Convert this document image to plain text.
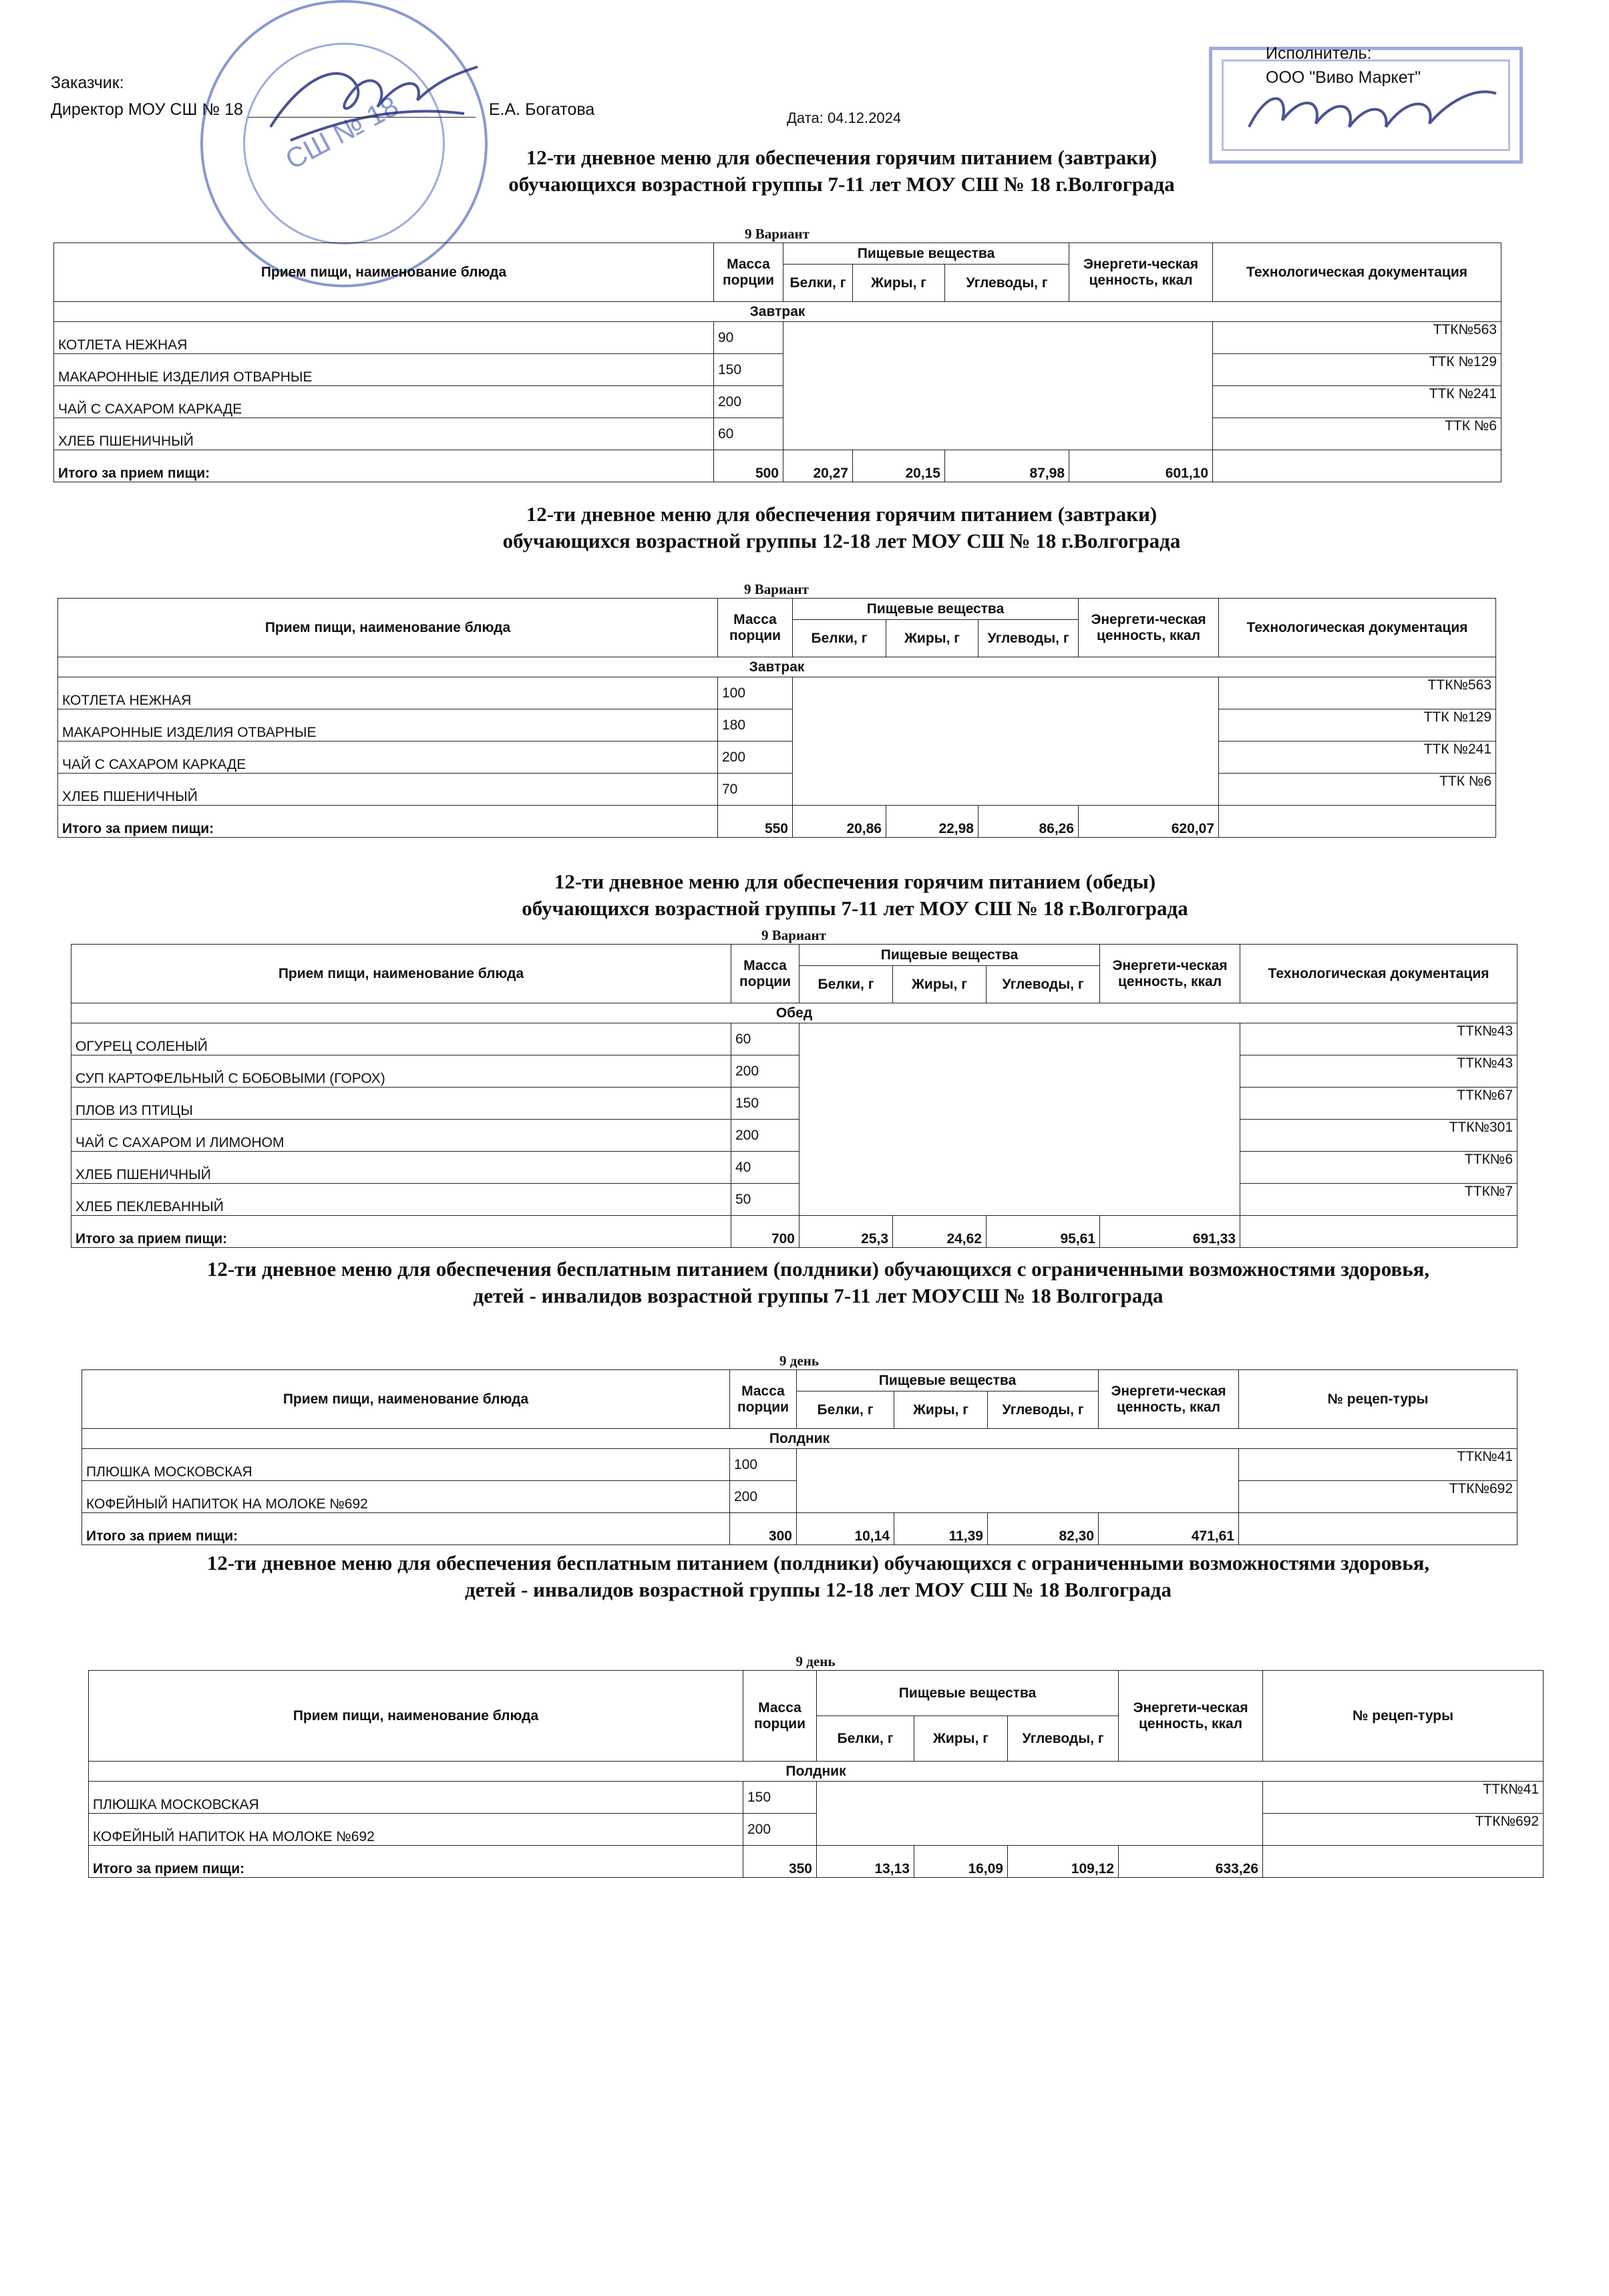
СШ № 18
Заказчик:
Директор МОУ СШ № 18	Е.А. Богатова
Исполнитель:
ООО "Виво Маркет"
Дата: 04.12.2024
12-ти дневное меню для обеспечения горячим питанием (завтраки)
обучающихся возрастной группы 7-11 лет МОУ СШ № 18 г.Волгограда
9 Вариант
Прием пищи, наименование блюда	Масса порции	Пищевые вещества			Энергети-ческая ценность, ккал	Технологическая документация
		Белки, г	Жиры, г	Углеводы, г		
Завтрак						
КОТЛЕТА НЕЖНАЯ	90					ТТК№563
МАКАРОННЫЕ ИЗДЕЛИЯ ОТВАРНЫЕ	150					ТТК №129
ЧАЙ С САХАРОМ КАРКАДЕ	200					ТТК №241
ХЛЕБ ПШЕНИЧНЫЙ	60					ТТК №6
Итого за прием пищи:	500	20,27	20,15	87,98	601,10	
12-ти дневное меню для обеспечения горячим питанием (завтраки)
обучающихся возрастной группы 12-18 лет МОУ СШ № 18 г.Волгограда
9 Вариант
Прием пищи, наименование блюда	Масса порции	Пищевые вещества			Энергети-ческая ценность, ккал	Технологическая документация
		Белки, г	Жиры, г	Углеводы, г		
Завтрак						
КОТЛЕТА НЕЖНАЯ	100					ТТК№563
МАКАРОННЫЕ ИЗДЕЛИЯ ОТВАРНЫЕ	180					ТТК №129
ЧАЙ С САХАРОМ КАРКАДЕ	200					ТТК №241
ХЛЕБ ПШЕНИЧНЫЙ	70					ТТК №6
Итого за прием пищи:	550	20,86	22,98	86,26	620,07	
12-ти дневное меню для обеспечения горячим питанием (обеды)
обучающихся возрастной группы 7-11 лет МОУ СШ № 18 г.Волгограда
9 Вариант
Прием пищи, наименование блюда	Масса порции	Пищевые вещества			Энергети-ческая ценность, ккал	Технологическая документация
		Белки, г	Жиры, г	Углеводы, г		
Обед						
ОГУРЕЦ СОЛЕНЫЙ	60					ТТК№43
СУП КАРТОФЕЛЬНЫЙ С БОБОВЫМИ (ГОРОХ)	200					ТТК№43
ПЛОВ ИЗ ПТИЦЫ	150					ТТК№67
ЧАЙ С САХАРОМ И ЛИМОНОМ	200					ТТК№301
ХЛЕБ ПШЕНИЧНЫЙ	40					ТТК№6
ХЛЕБ ПЕКЛЕВАННЫЙ	50					ТТК№7
Итого за прием пищи:	700	25,3	24,62	95,61	691,33	
12-ти дневное меню для обеспечения бесплатным питанием (полдники) обучающихся с ограниченными возможностями здоровья,
детей - инвалидов возрастной группы 7-11 лет МОУСШ № 18 Волгограда
9 день
Прием пищи, наименование блюда	Масса порции	Пищевые вещества			Энергети-ческая ценность, ккал	№ рецеп-туры
		Белки, г	Жиры, г	Углеводы, г		
Полдник						
ПЛЮШКА МОСКОВСКАЯ	100					ТТК№41
КОФЕЙНЫЙ НАПИТОК НА МОЛОКЕ №692	200					ТТК№692
Итого за прием пищи:	300	10,14	11,39	82,30	471,61	
12-ти дневное меню для обеспечения бесплатным питанием (полдники) обучающихся с ограниченными возможностями здоровья,
детей - инвалидов возрастной группы 12-18 лет МОУ СШ № 18 Волгограда
9 день
Прием пищи, наименование блюда	Масса порции	Пищевые вещества			Энергети-ческая ценность, ккал	№ рецеп-туры
		Белки, г	Жиры, г	Углеводы, г		
Полдник						
ПЛЮШКА МОСКОВСКАЯ	150					ТТК№41
КОФЕЙНЫЙ НАПИТОК НА МОЛОКЕ №692	200					ТТК№692
Итого за прием пищи:	350	13,13	16,09	109,12	633,26	
